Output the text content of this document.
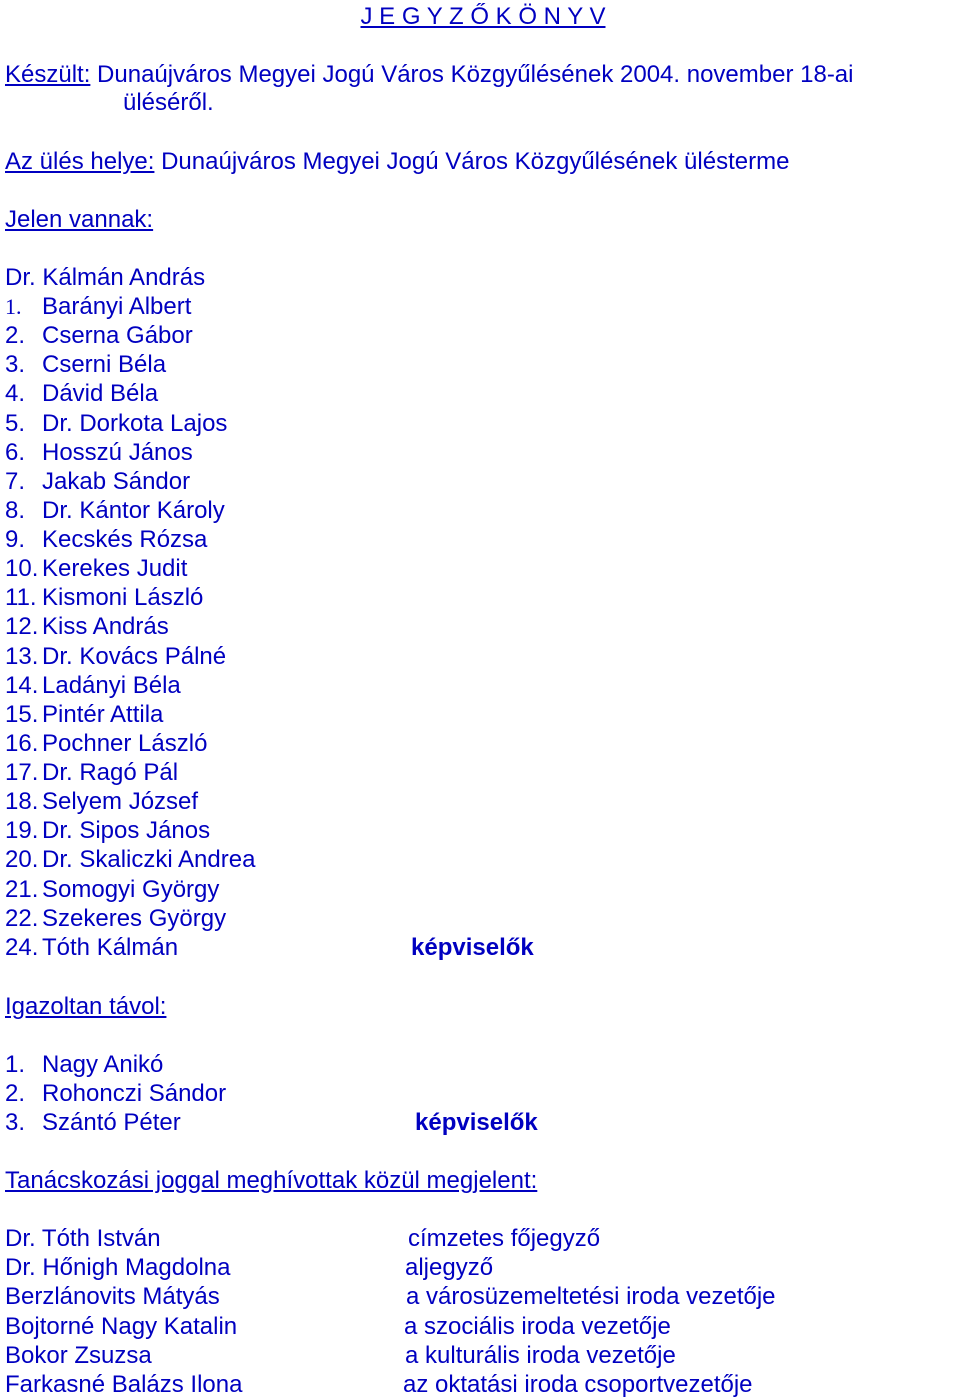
J E G Y Z Ő K Ö N Y V
Készült: Dunaújváros Megyei Jogú Város Közgyűlésének 2004. november 18-ai
üléséről.
Az ülés helye: Dunaújváros Megyei Jogú Város Közgyűlésének ülésterme
Jelen vannak:
Dr. Kálmán András
1. Barányi Albert
2. Cserna Gábor
3. Cserni Béla
4. Dávid Béla
5. Dr. Dorkota Lajos
6. Hosszú János
7. Jakab Sándor
8. Dr. Kántor Károly
9. Kecskés Rózsa
10. Kerekes Judit
11. Kismoni László
12. Kiss András
13. Dr. Kovács Pálné
14. Ladányi Béla
15. Pintér Attila
16. Pochner László
17. Dr. Ragó Pál
18. Selyem József
19. Dr. Sipos János
20. Dr. Skaliczki Andrea
21. Somogyi György
22. Szekeres György
24. Tóth Kálmán	képviselők
Igazoltan távol:
1. Nagy Anikó
2. Rohonczi Sándor
3. Szántó Péter	képviselők
Tanácskozási joggal meghívottak közül megjelent:
Dr. Tóth István	címzetes főjegyző
Dr. Hőnigh Magdolna	aljegyző
Berzlánovits Mátyás	a városüzemeltetési iroda vezetője
Bojtorné Nagy Katalin	a szociális iroda vezetője
Bokor Zsuzsa	a kulturális iroda vezetője
Farkasné Balázs Ilona	az oktatási iroda csoportvezetője
